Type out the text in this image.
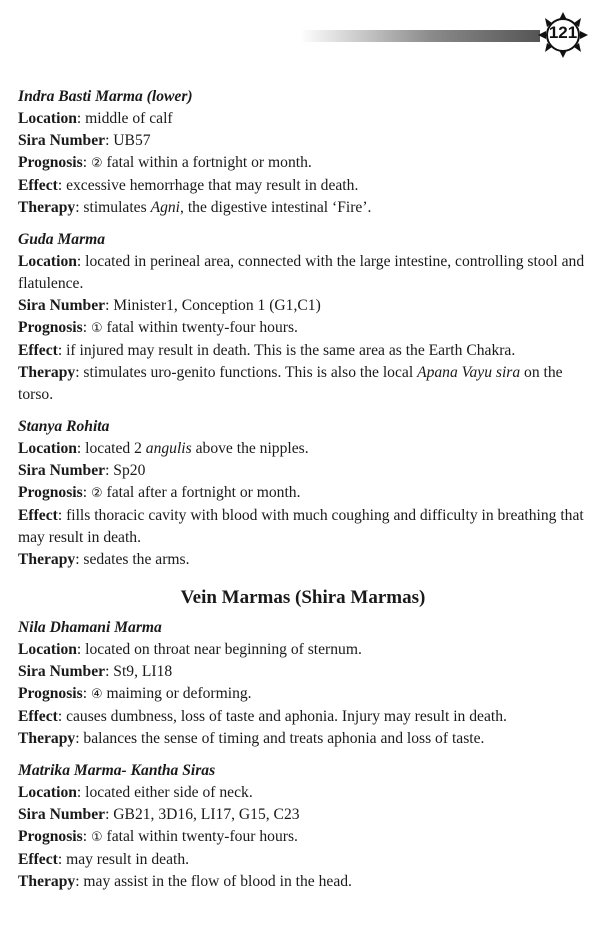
121
Indra Basti Marma (lower)
Location: middle of calf
Sira Number: UB57
Prognosis: ② fatal within a fortnight or month.
Effect: excessive hemorrhage that may result in death.
Therapy: stimulates Agni, the digestive intestinal ‘Fire’.
Guda Marma
Location: located in perineal area, connected with the large intestine, controlling stool and flatulence.
Sira Number: Minister1, Conception 1 (G1,C1)
Prognosis: ① fatal within twenty-four hours.
Effect: if injured may result in death. This is the same area as the Earth Chakra.
Therapy: stimulates uro-genito functions. This is also the local Apana Vayu sira on the torso.
Stanya Rohita
Location: located 2 angulis above the nipples.
Sira Number: Sp20
Prognosis: ② fatal after a fortnight or month.
Effect: fills thoracic cavity with blood with much coughing and difficulty in breathing that may result in death.
Therapy: sedates the arms.
Vein Marmas (Shira Marmas)
Nila Dhamani Marma
Location: located on throat near beginning of sternum.
Sira Number: St9, LI18
Prognosis: ④ maiming or deforming.
Effect: causes dumbness, loss of taste and aphonia. Injury may result in death.
Therapy: balances the sense of timing and treats aphonia and loss of taste.
Matrika Marma- Kantha Siras
Location: located either side of neck.
Sira Number: GB21, 3D16, LI17, G15, C23
Prognosis: ① fatal within twenty-four hours.
Effect: may result in death.
Therapy: may assist in the flow of blood in the head.
